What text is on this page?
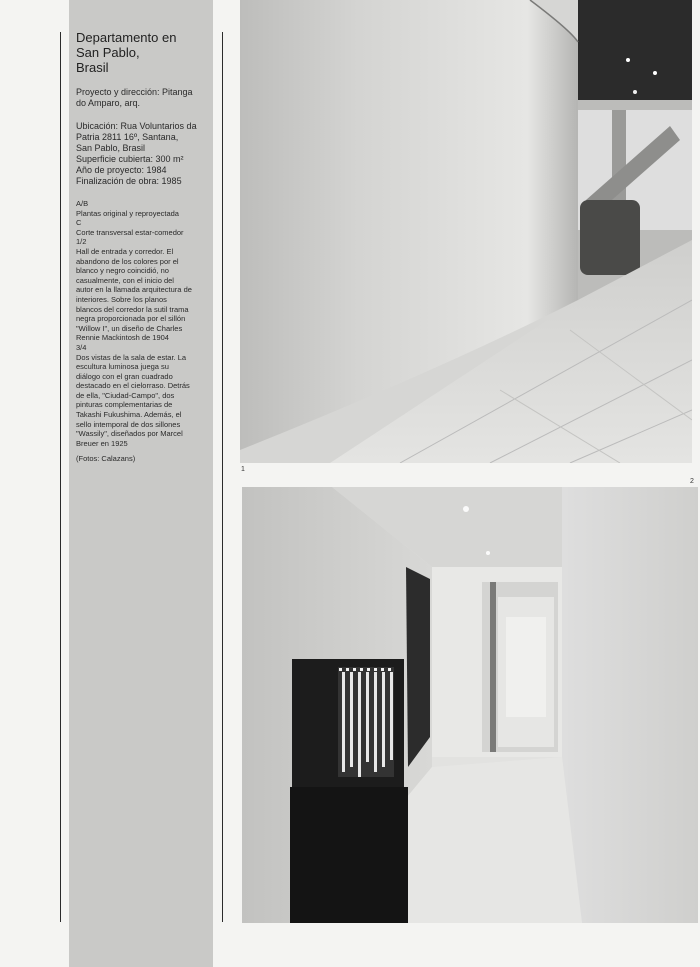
Departamento en
San Pablo,
Brasil

Proyecto y dirección: Pitanga
do Amparo, arq.

Ubicación: Rua Voluntarios da
Patria 2811 16º, Santana,
San Pablo, Brasil
Superficie cubierta: 300 m²
Año de proyecto: 1984
Finalización de obra: 1985

A/B
Plantas original y reproyectada
C
Corte transversal estar-comedor
1/2
Hall de entrada y corredor. El
abandono de los colores por el
blanco y negro coincidió, no
casualmente, con el inicio del
autor en la llamada arquitectura de
interiores. Sobre los planos
blancos del corredor la sutil trama
negra proporcionada por el sillón
"Willow I", un diseño de Charles
Rennie Mackintosh de 1904
3/4
Dos vistas de la sala de estar. La
escultura luminosa juega su
diálogo con el gran cuadrado
destacado en el cielorraso. Detrás
de ella, "Ciudad-Campo", dos
pinturas complementarias de
Takashi Fukushima. Además, el
sello intemporal de dos sillones
"Wassily", diseñados por Marcel
Breuer en 1925

(Fotos: Calazans)
1
2
